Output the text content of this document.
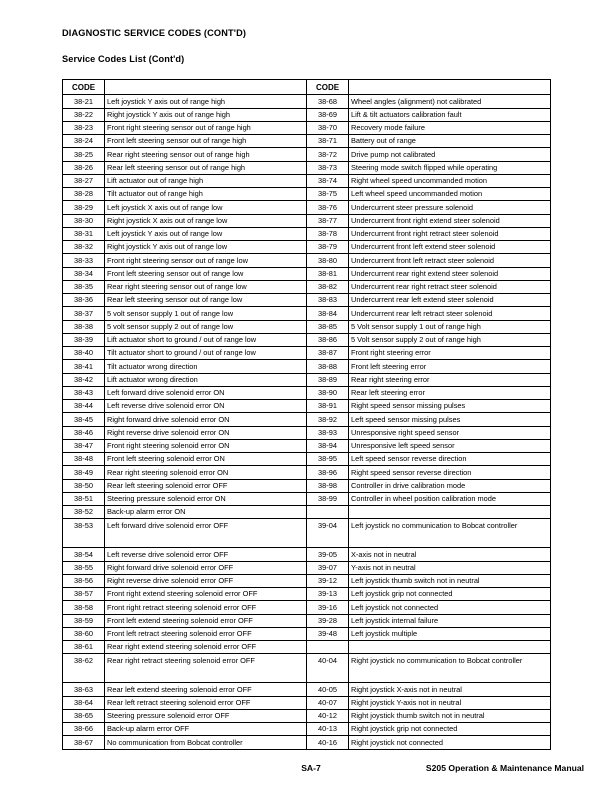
DIAGNOSTIC SERVICE CODES (CONT'D)
Service Codes List (Cont'd)
CODE		CODE	
38-21	Left joystick Y axis out of range high	38-68	Wheel angles (alignment) not calibrated
38-22	Right joystick Y axis out of range high	38-69	Lift & tilt actuators calibration fault
38-23	Front right steering sensor out of range high	38-70	Recovery mode failure
38-24	Front left steering sensor out of range high	38-71	Battery out of range
38-25	Rear right steering sensor out of range high	38-72	Drive pump not calibrated
38-26	Rear left steering sensor out of range high	38-73	Steering mode switch flipped while operating
38-27	Lift actuator out of range high	38-74	Right wheel speed uncommanded motion
38-28	Tilt actuator out of range high	38-75	Left wheel speed uncommanded motion
38-29	Left joystick X axis out of range low	38-76	Undercurrent steer pressure solenoid
38-30	Right joystick X axis out of range low	38-77	Undercurrent front right extend steer solenoid
38-31	Left joystick Y axis out of range low	38-78	Undercurrent front right retract steer solenoid
38-32	Right joystick Y axis out of range low	38-79	Undercurrent front left extend steer solenoid
38-33	Front right steering sensor out of range low	38-80	Undercurrent front left retract steer solenoid
38-34	Front left steering sensor out of range low	38-81	Undercurrent rear right extend steer solenoid
38-35	Rear right steering sensor out of range low	38-82	Undercurrent rear right retract steer solenoid
38-36	Rear left steering sensor out of range low	38-83	Undercurrent rear left extend steer solenoid
38-37	5 volt sensor supply 1 out of range low	38-84	Undercurrent rear left retract steer solenoid
38-38	5 volt sensor supply 2 out of range low	38-85	5 Volt sensor supply 1 out of range high
38-39	Lift actuator short to ground / out of range low	38-86	5 Volt sensor supply 2 out of range high
38-40	Tilt actuator short to ground / out of range low	38-87	Front right steering error
38-41	Tilt actuator wrong direction	38-88	Front left steering error
38-42	Lift actuator wrong direction	38-89	Rear right steering error
38-43	Left forward drive solenoid error ON	38-90	Rear left steering error
38-44	Left reverse drive solenoid error ON	38-91	Right speed sensor missing pulses
38-45	Right forward drive solenoid error ON	38-92	Left speed sensor missing pulses
38-46	Right reverse drive solenoid error ON	38-93	Unresponsive right speed sensor
38-47	Front right steering solenoid error ON	38-94	Unresponsive left speed sensor
38-48	Front left steering solenoid error ON	38-95	Left speed sensor reverse direction
38-49	Rear right steering solenoid error ON	38-96	Right speed sensor reverse direction
38-50	Rear left steering solenoid error OFF	38-98	Controller in drive calibration mode
38-51	Steering pressure solenoid error ON	38-99	Controller in wheel position calibration mode
38-52	Back-up alarm error ON		
38-53	Left forward drive solenoid error OFF	39-04	Left joystick no communication to Bobcat controller
38-54	Left reverse drive solenoid error OFF	39-05	X-axis not in neutral
38-55	Right forward drive solenoid error OFF	39-07	Y-axis not in neutral
38-56	Right reverse drive solenoid error OFF	39-12	Left joystick thumb switch not in neutral
38-57	Front right extend steering solenoid error OFF	39-13	Left joystick grip not connected
38-58	Front right retract steering solenoid error OFF	39-16	Left joystick not connected
38-59	Front left extend steering solenoid error OFF	39-28	Left joystick internal failure
38-60	Front left retract steering solenoid error OFF	39-48	Left joystick multiple
38-61	Rear right extend steering solenoid error OFF		
38-62	Rear right retract steering solenoid error OFF	40-04	Right joystick no communication to Bobcat controller
38-63	Rear left extend steering solenoid error OFF	40-05	Right joystick X-axis not in neutral
38-64	Rear left retract steering solenoid error OFF	40-07	Right joystick Y-axis not in neutral
38-65	Steering pressure solenoid error OFF	40-12	Right joystick thumb switch not in neutral
38-66	Back-up alarm error OFF	40-13	Right joystick grip not connected
38-67	No communication from Bobcat controller	40-16	Right joystick not connected
SA-7	S205 Operation & Maintenance Manual
